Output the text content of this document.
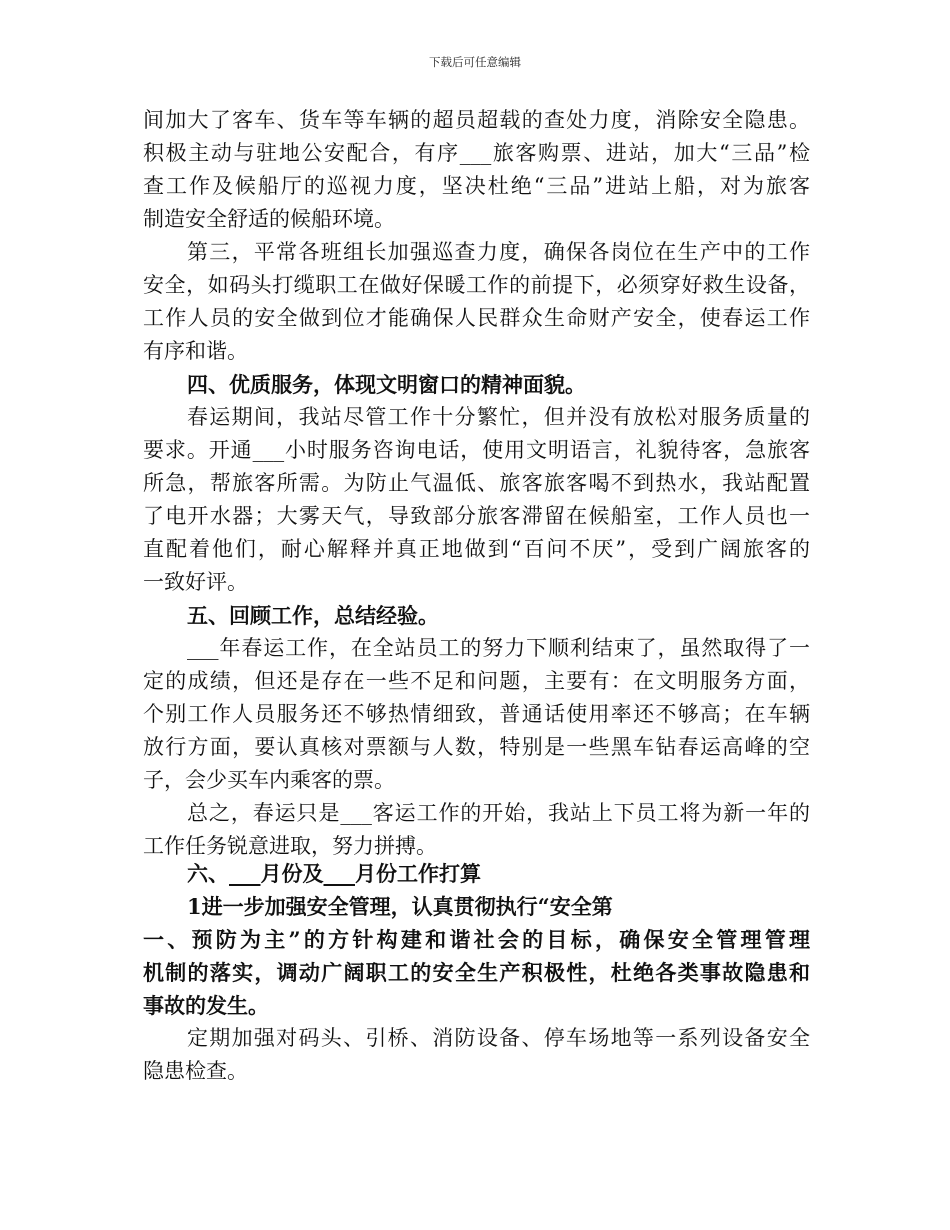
下载后可任意编辑
间加大了客车、货车等车辆的超员超载的查处力度，消除安全隐患。
积极主动与驻地公安配合，有序___旅客购票、进站，加大“三品”检
查工作及候船厅的巡视力度，坚决杜绝“三品”进站上船，对为旅客
制造安全舒适的候船环境。
第三，平常各班组长加强巡查力度，确保各岗位在生产中的工作
安全，如码头打缆职工在做好保暖工作的前提下，必须穿好救生设备，
工作人员的安全做到位才能确保人民群众生命财产安全，使春运工作
有序和谐。
四、优质服务，体现文明窗口的精神面貌。
春运期间，我站尽管工作十分繁忙，但并没有放松对服务质量的
要求。开通___小时服务咨询电话，使用文明语言，礼貌待客，急旅客
所急，帮旅客所需。为防止气温低、旅客旅客喝不到热水，我站配置
了电开水器；大雾天气，导致部分旅客滞留在候船室，工作人员也一
直配着他们，耐心解释并真正地做到“百问不厌”，受到广阔旅客的
一致好评。
五、回顾工作，总结经验。
___年春运工作，在全站员工的努力下顺利结束了，虽然取得了一
定的成绩，但还是存在一些不足和问题，主要有：在文明服务方面，
个别工作人员服务还不够热情细致，普通话使用率还不够高；在车辆
放行方面，要认真核对票额与人数，特别是一些黑车钻春运高峰的空
子，会少买车内乘客的票。
总之，春运只是___客运工作的开始，我站上下员工将为新一年的
工作任务锐意进取，努力拼搏。
六、___月份及___月份工作打算
1进一步加强安全管理，认真贯彻执行“安全第
一、预防为主”的方针构建和谐社会的目标，确保安全管理管理
机制的落实，调动广阔职工的安全生产积极性，杜绝各类事故隐患和
事故的发生。
定期加强对码头、引桥、消防设备、停车场地等一系列设备安全
隐患检查。
